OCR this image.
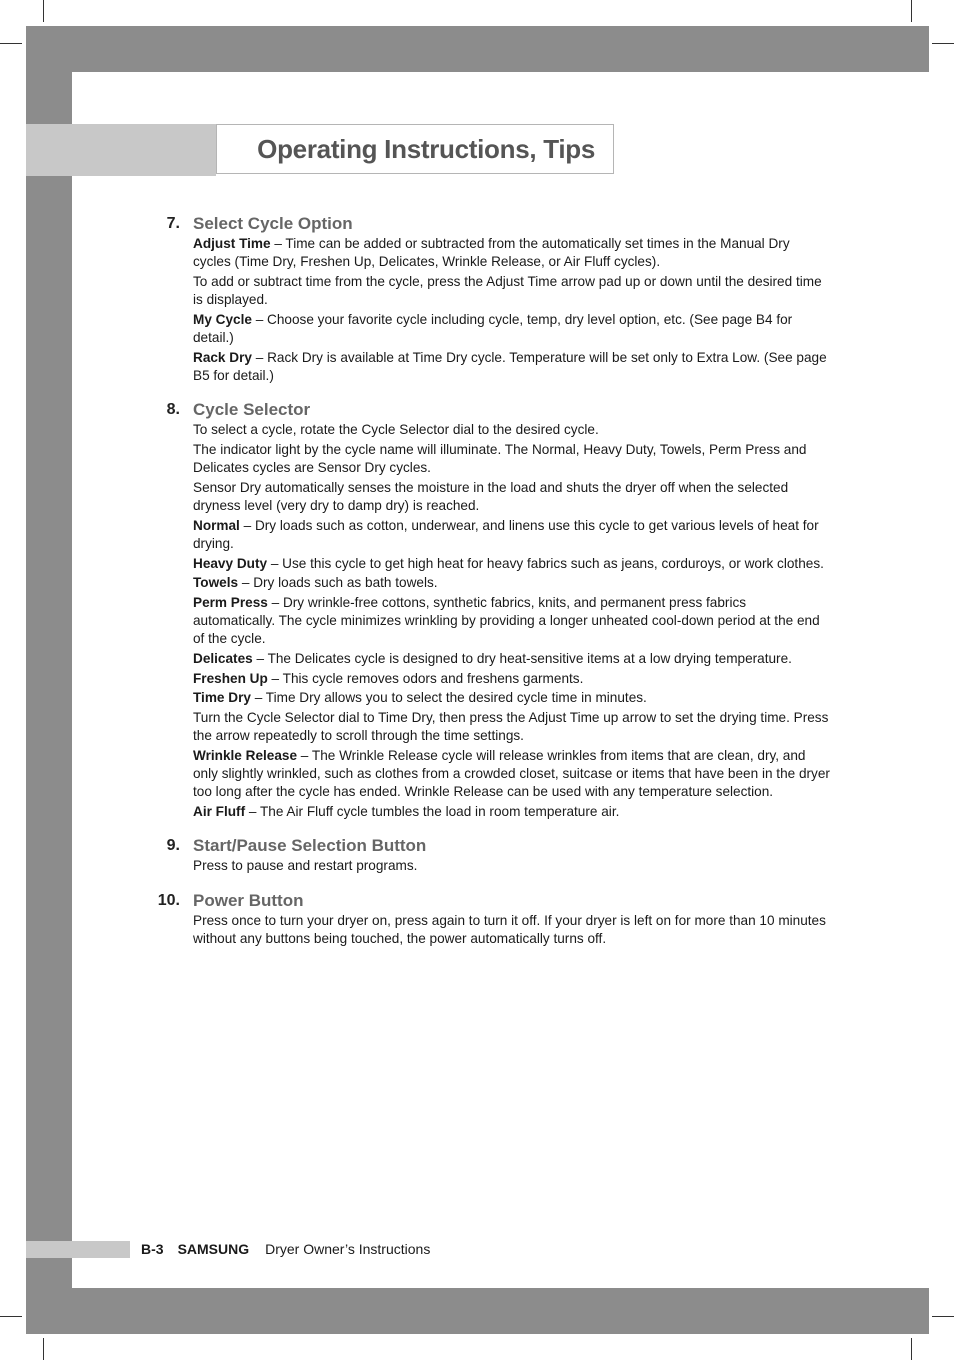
Operating Instructions, Tips
7. Select Cycle Option

Adjust Time – Time can be added or subtracted from the automatically set times in the Manual Dry cycles (Time Dry, Freshen Up, Delicates, Wrinkle Release, or Air Fluff cycles).

To add or subtract time from the cycle, press the Adjust Time arrow pad up or down until the desired time is displayed.

My Cycle – Choose your favorite cycle including cycle, temp, dry level option, etc. (See page B4 for detail.)

Rack Dry – Rack Dry is available at Time Dry cycle. Temperature will be set only to Extra Low. (See page B5 for detail.)

8. Cycle Selector

To select a cycle, rotate the Cycle Selector dial to the desired cycle.

The indicator light by the cycle name will illuminate. The Normal, Heavy Duty, Towels, Perm Press and Delicates cycles are Sensor Dry cycles.

Sensor Dry automatically senses the moisture in the load and shuts the dryer off when the selected dryness level (very dry to damp dry) is reached.

Normal – Dry loads such as cotton, underwear, and linens use this cycle to get various levels of heat for drying.

Heavy Duty – Use this cycle to get high heat for heavy fabrics such as jeans, corduroys, or work clothes.

Towels – Dry loads such as bath towels.

Perm Press – Dry wrinkle-free cottons, synthetic fabrics, knits, and permanent press fabrics automatically. The cycle minimizes wrinkling by providing a longer unheated cool-down period at the end of the cycle.

Delicates – The Delicates cycle is designed to dry heat-sensitive items at a low drying temperature.

Freshen Up – This cycle removes odors and freshens garments.

Time Dry – Time Dry allows you to select the desired cycle time in minutes.

Turn the Cycle Selector dial to Time Dry, then press the Adjust Time up arrow to set the drying time. Press the arrow repeatedly to scroll through the time settings.

Wrinkle Release – The Wrinkle Release cycle will release wrinkles from items that are clean, dry, and only slightly wrinkled, such as clothes from a crowded closet, suitcase or items that have been in the dryer too long after the cycle has ended. Wrinkle Release can be used with any temperature selection.

Air Fluff – The Air Fluff cycle tumbles the load in room temperature air.

9. Start/Pause Selection Button

Press to pause and restart programs.

10. Power Button

Press once to turn your dryer on, press again to turn it off. If your dryer is left on for more than 10 minutes without any buttons being touched, the power automatically turns off.

B-3 SAMSUNG Dryer Owner’s Instructions
